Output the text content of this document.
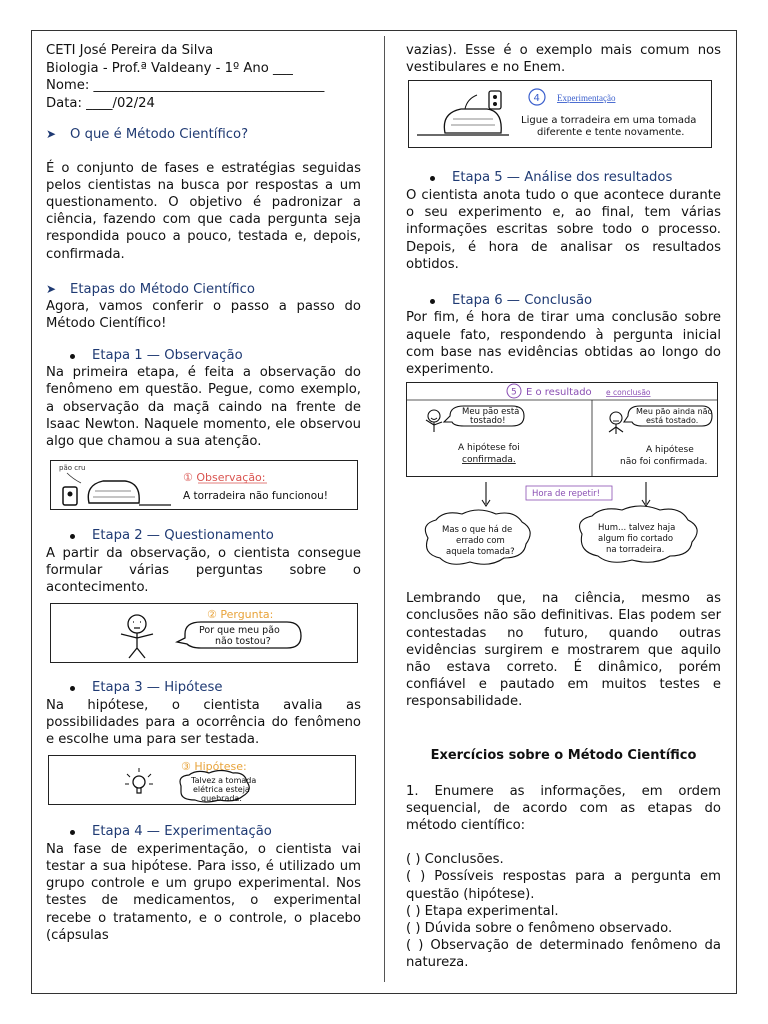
CETI José Pereira da Silva
Biologia - Prof.ª Valdeany - 1º Ano ___
Nome: ___________________________________
Data: ____/02/24
➤ O que é Método Científico?

É o conjunto de fases e estratégias seguidas pelos cientistas na busca por respostas a um questionamento. O objetivo é padronizar a ciência, fazendo com que cada pergunta seja respondida pouco a pouco, testada e, depois, confirmada.

➤ Etapas do Método Científico

Agora, vamos conferir o passo a passo do Método Científico!

Etapa 1 — Observação

Na primeira etapa, é feita a observação do fenômeno em questão. Pegue, como exemplo, a observação da maçã caindo na frente de Isaac Newton. Naquele momento, ele observou algo que chamou a sua atenção.

pão cru
① Observação:
A torradeira não funcionou!
Etapa 2 — Questionamento

A partir da observação, o cientista consegue formular várias perguntas sobre o acontecimento.

② Pergunta:
Por que meu pão
não tostou?
Etapa 3 — Hipótese

Na hipótese, o cientista avalia as possibilidades para a ocorrência do fenômeno e escolhe uma para ser testada.

③ Hipótese:
Talvez a tomada
elétrica esteja
quebrada.
Etapa 4 — Experimentação

Na fase de experimentação, o cientista vai testar a sua hipótese. Para isso, é utilizado um grupo controle e um grupo experimental. Nos testes de medicamentos, o experimental recebe o tratamento, e o controle, o placebo (cápsulas

vazias). Esse é o exemplo mais comum nos vestibulares e no Enem.

4 Experimentação
Ligue a torradeira em uma tomada
diferente e tente novamente.
Etapa 5 — Análise dos resultados

O cientista anota tudo o que acontece durante o seu experimento e, ao final, tem várias informações escritas sobre todo o processo. Depois, é hora de analisar os resultados obtidos.

Etapa 6 — Conclusão

Por fim, é hora de tirar uma conclusão sobre aquele fato, respondendo à pergunta inicial com base nas evidências obtidas ao longo do experimento.

5 E o resultado e conclusão
Meu pão está
tostado!
A hipótese foi
confirmada.
Meu pão ainda não
está tostado.
A hipótese
não foi confirmada.
Hora de repetir!
Mas o que há de
errado com
aquela tomada?
Hum... talvez haja
algum fio cortado
na torradeira.

Lembrando que, na ciência, mesmo as conclusões não são definitivas. Elas podem ser contestadas no futuro, quando outras evidências surgirem e mostrarem que aquilo não estava correto. É dinâmico, porém confiável e pautado em muitos testes e responsabilidade.

Exercícios sobre o Método Científico

1. Enumere as informações, em ordem sequencial, de acordo com as etapas do método científico:

( ) Conclusões.

( ) Possíveis respostas para a pergunta em questão (hipótese).

( ) Etapa experimental.

( ) Dúvida sobre o fenômeno observado.

( ) Observação de determinado fenômeno da natureza.
